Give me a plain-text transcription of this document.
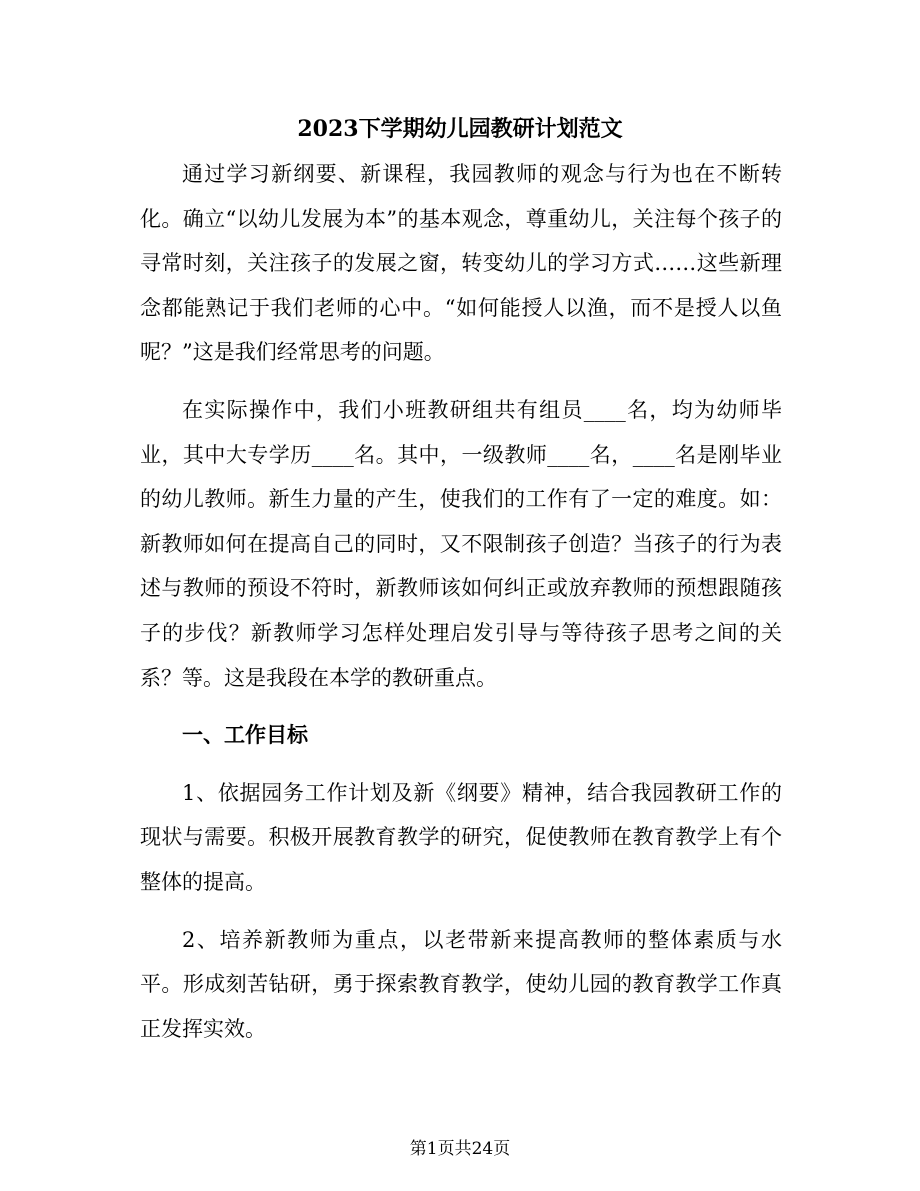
2023下学期幼儿园教研计划范文

通过学习新纲要、新课程，我园教师的观念与行为也在不断转化。确立“以幼儿发展为本”的基本观念，尊重幼儿，关注每个孩子的寻常时刻，关注孩子的发展之窗，转变幼儿的学习方式……这些新理念都能熟记于我们老师的心中。“如何能授人以渔，而不是授人以鱼呢？”这是我们经常思考的问题。

在实际操作中，我们小班教研组共有组员____名，均为幼师毕业，其中大专学历____名。其中，一级教师____名，____名是刚毕业的幼儿教师。新生力量的产生，使我们的工作有了一定的难度。如：新教师如何在提高自己的同时，又不限制孩子创造？当孩子的行为表述与教师的预设不符时，新教师该如何纠正或放弃教师的预想跟随孩子的步伐？新教师学习怎样处理启发引导与等待孩子思考之间的关系？等。这是我段在本学的教研重点。

一、工作目标

1、依据园务工作计划及新《纲要》精神，结合我园教研工作的现状与需要。积极开展教育教学的研究，促使教师在教育教学上有个整体的提高。

2、培养新教师为重点，以老带新来提高教师的整体素质与水平。形成刻苦钻研，勇于探索教育教学，使幼儿园的教育教学工作真正发挥实效。

第1页共24页
